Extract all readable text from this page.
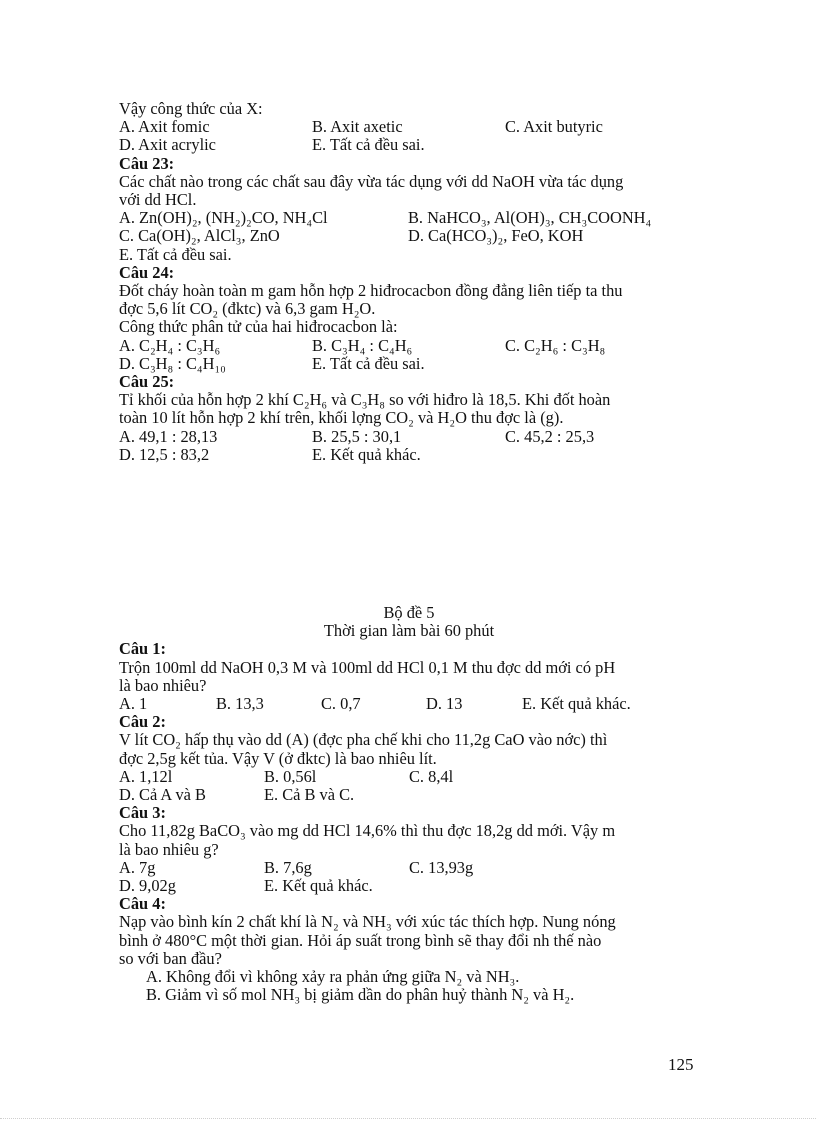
Vậy công thức của X:
A. Axit fomic	B. Axit axetic	C. Axit butyric
D. Axit acrylic	E. Tất cả đều sai.
Câu 23:
Các chất nào trong các chất sau đây vừa tác dụng với dd NaOH vừa tác dụng
với dd HCl.
A. Zn(OH)₂, (NH₂)₂CO, NH₄Cl	B. NaHCO₃, Al(OH)₃, CH₃COONH₄
C. Ca(OH)₂, AlCl₃, ZnO	D. Ca(HCO₃)₂, FeO, KOH
E. Tất cả đều sai.
Câu 24:
Đốt cháy hoàn toàn m gam hỗn hợp 2 hiđrocacbon đồng đẳng liên tiếp ta thu
đợc 5,6 lít CO₂ (đktc) và 6,3 gam H₂O.
Công thức phân tử của hai hiđrocacbon là:
A. C₂H₄ : C₃H₆	B. C₃H₄ : C₄H₆	C. C₂H₆ : C₃H₈
D. C₃H₈ : C₄H₁₀	E. Tất cả đều sai.
Câu 25:
Tỉ khối của hỗn hợp 2 khí C₂H₆ và C₃H₈ so với hiđro là 18,5. Khi đốt hoàn
toàn 10 lít hỗn hợp 2 khí trên, khối lợng CO₂ và H₂O thu đợc là (g).
A. 49,1 : 28,13	B. 25,5 : 30,1	C. 45,2 : 25,3
D. 12,5 : 83,2	E. Kết quả khác.
Bộ đề 5
Thời gian làm bài 60 phút
Câu 1:
Trộn 100ml dd NaOH 0,3 M và 100ml dd HCl 0,1 M thu đợc dd mới có pH
là bao nhiêu?
A. 1	B. 13,3	C. 0,7	D. 13	E. Kết quả khác.
Câu 2:
V lít CO₂ hấp thụ vào dd (A) (đợc pha chế khi cho 11,2g CaO vào nớc) thì
đợc 2,5g kết tủa. Vậy V (ở đktc) là bao nhiêu lít.
A. 1,12l	B. 0,56l	C. 8,4l
D. Cả A và B	E. Cả B và C.
Câu 3:
Cho 11,82g BaCO₃ vào mg dd HCl 14,6% thì thu đợc 18,2g dd mới. Vậy m
là bao nhiêu g?
A. 7g	B. 7,6g	C. 13,93g
D. 9,02g	E. Kết quả khác.
Câu 4:
Nạp vào bình kín 2 chất khí là N₂ và NH₃ với xúc tác thích hợp. Nung nóng
bình ở 480°C một thời gian. Hỏi áp suất trong bình sẽ thay đổi nh thế nào
so với ban đầu?
A. Không đổi vì không xảy ra phản ứng giữa N₂ và NH₃.
B. Giảm vì số mol NH₃ bị giảm dần do phân huỷ thành N₂ và H₂.
125
